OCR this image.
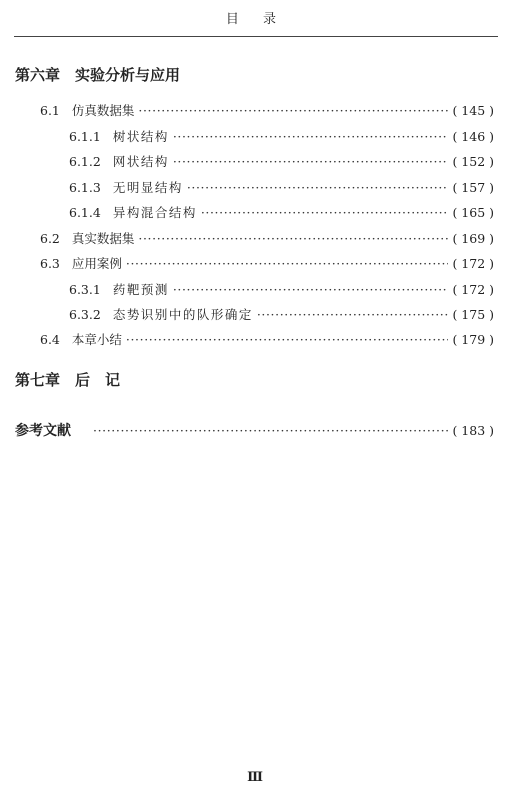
目 录
第六章　实验分析与应用
6.1 仿真数据集 ·····	( 145 )
6.1.1 树状结构 ·····	( 146 )
6.1.2 网状结构 ·····	( 152 )
6.1.3 无明显结构 ·····	( 157 )
6.1.4 异构混合结构 ·····	( 165 )
6.2 真实数据集 ·····	( 169 )
6.3 应用案例 ·····	( 172 )
6.3.1 药靶预测 ·····	( 172 )
6.3.2 态势识别中的队形确定 ·····	( 175 )
6.4 本章小结 ·····	( 179 )
第七章　后　记
参考文献 ·····	( 183 )
Ⅲ
